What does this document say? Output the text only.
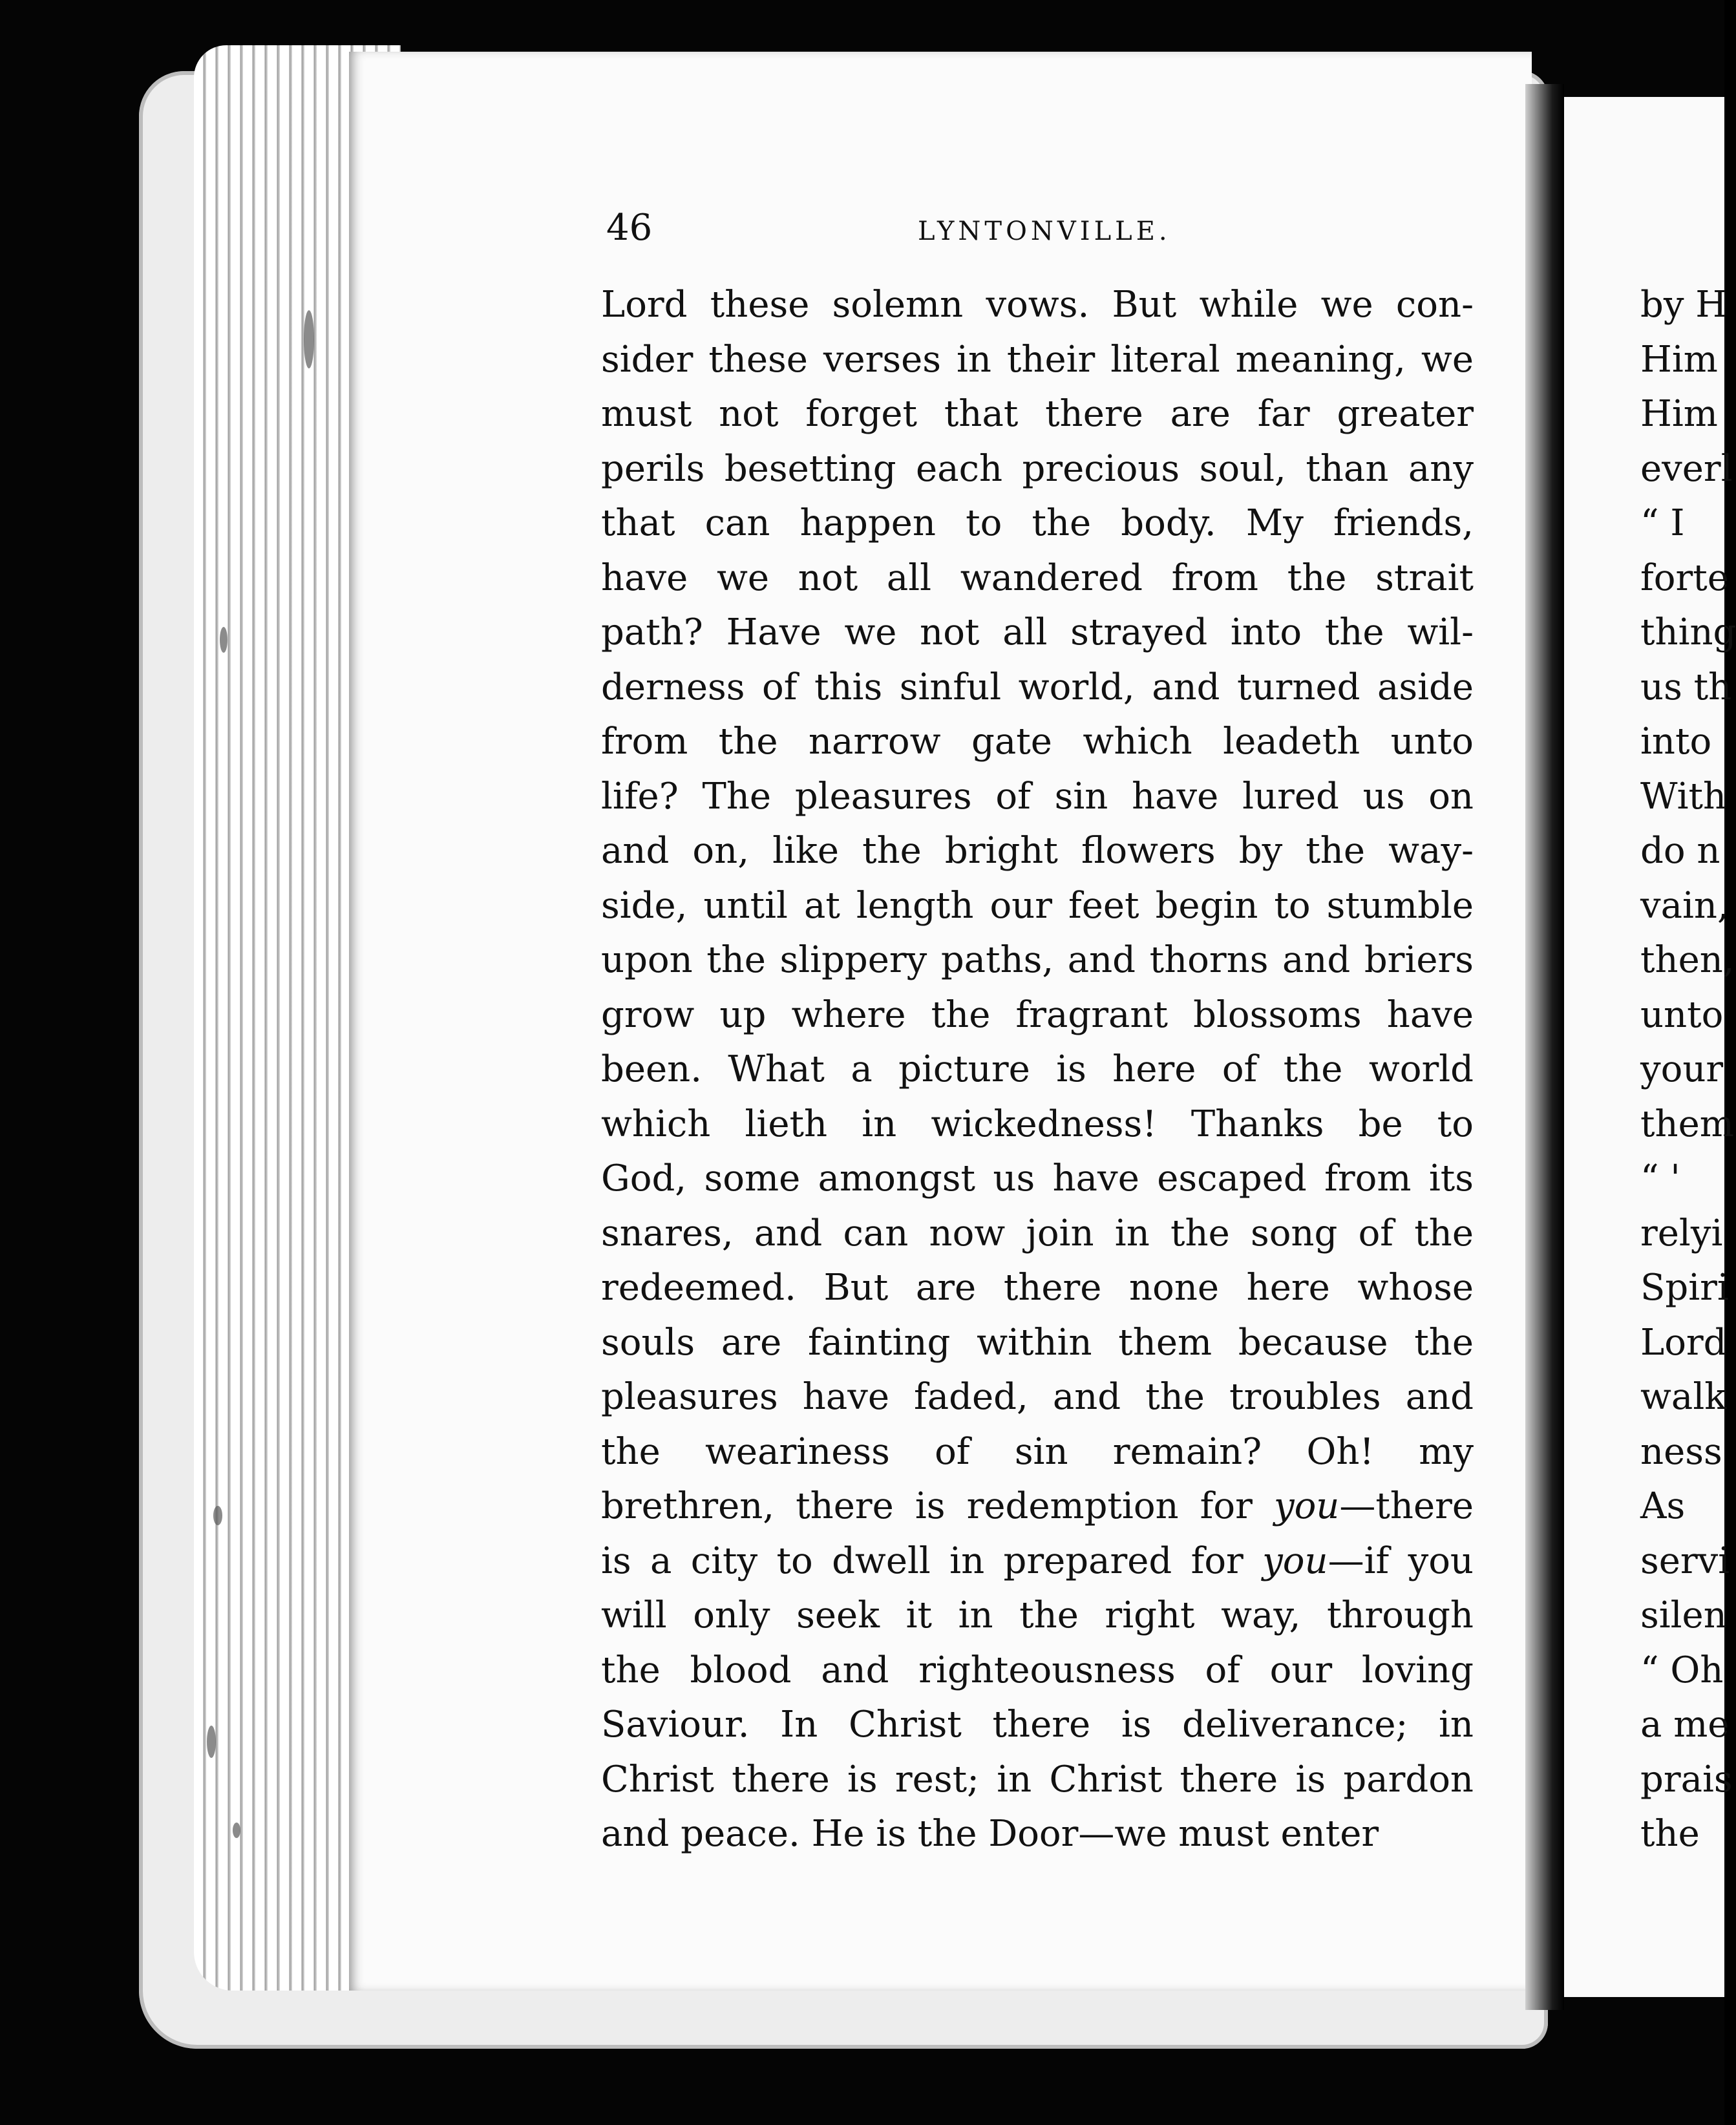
46	LYNTONVILLE.
Lord these solemn vows. But while we con-
sider these verses in their literal meaning, we
must not forget that there are far greater
perils besetting each precious soul, than any
that can happen to the body. My friends,
have we not all wandered from the strait
path? Have we not all strayed into the wil-
derness of this sinful world, and turned aside
from the narrow gate which leadeth unto
life? The pleasures of sin have lured us on
and on, like the bright flowers by the way-
side, until at length our feet begin to stumble
upon the slippery paths, and thorns and briers
grow up where the fragrant blossoms have
been. What a picture is here of the world
which lieth in wickedness! Thanks be to
God, some amongst us have escaped from its
snares, and can now join in the song of the
redeemed. But are there none here whose
souls are fainting within them because the
pleasures have faded, and the troubles and
the weariness of sin remain? Oh! my
brethren, there is redemption for you—there
is a city to dwell in prepared for you—if you
will only seek it in the right way, through
the blood and righteousness of our loving
Saviour. In Christ there is deliverance; in
Christ there is rest; in Christ there is pardon
and peace. He is the Door—we must enter
by H
Him
Him
everl
“ I
forte
thing
us th
into
With
do n
vain,
then,
unto
your
them
“ '
relyi
Spiri
Lord
walk
ness
As
servi
silen
“ Oh
a me
prais
the
